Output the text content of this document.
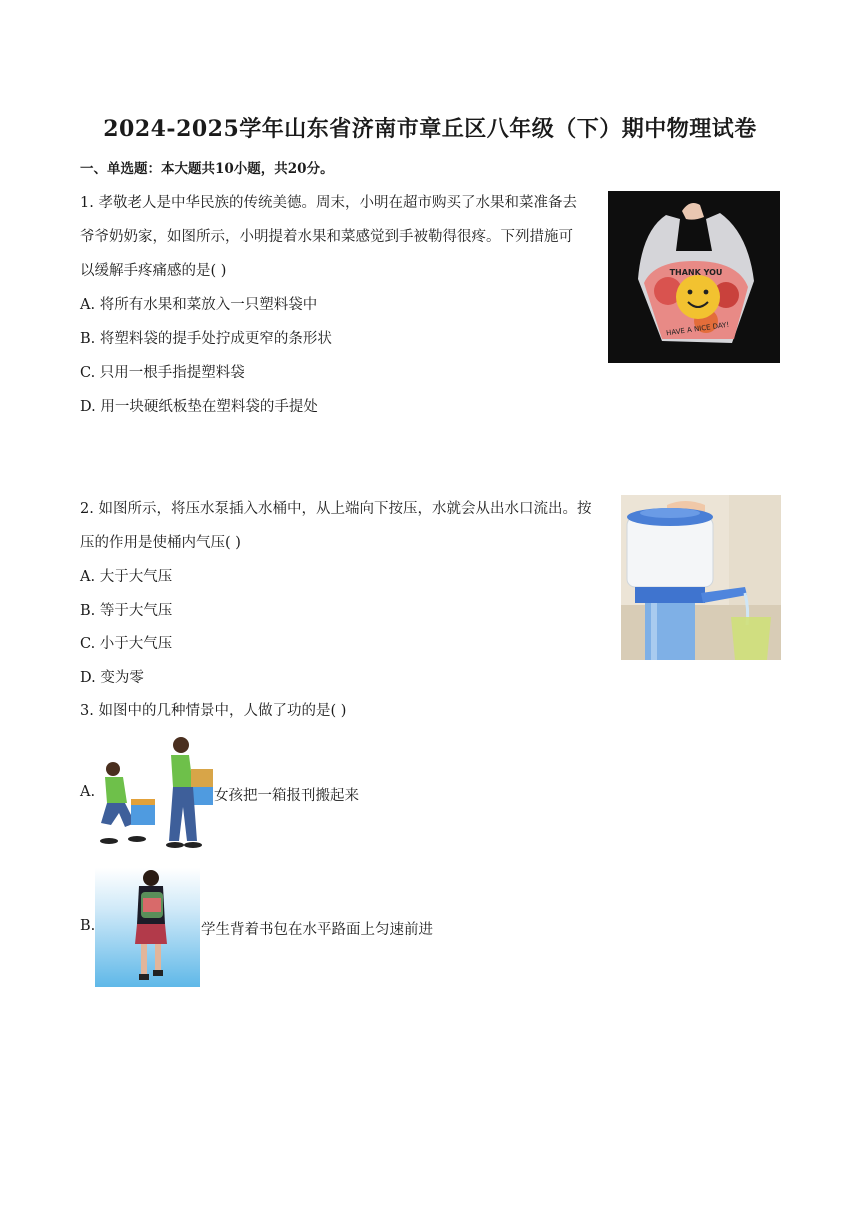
2024-2025学年山东省济南市章丘区八年级（下）期中物理试卷
一、单选题：本大题共10小题，共20分。
1. 孝敬老人是中华民族的传统美德。周末，小明在超市购买了水果和菜准备去
爷爷奶奶家，如图所示，小明提着水果和菜感觉到手被勒得很疼。下列措施可
以缓解手疼痛感的是( )
A. 将所有水果和菜放入一只塑料袋中
B. 将塑料袋的提手处拧成更窄的条形状
C. 只用一根手指提塑料袋
D. 用一块硬纸板垫在塑料袋的手提处
THANK YOU
HAVE A NICE DAY!
2. 如图所示，将压水泵插入水桶中，从上端向下按压，水就会从出水口流出。按
压的作用是使桶内气压( )
A. 大于大气压
B. 等于大气压
C. 小于大气压
D. 变为零
3. 如图中的几种情景中，人做了功的是( )
A.	女孩把一箱报刊搬起来
B.	学生背着书包在水平路面上匀速前进
